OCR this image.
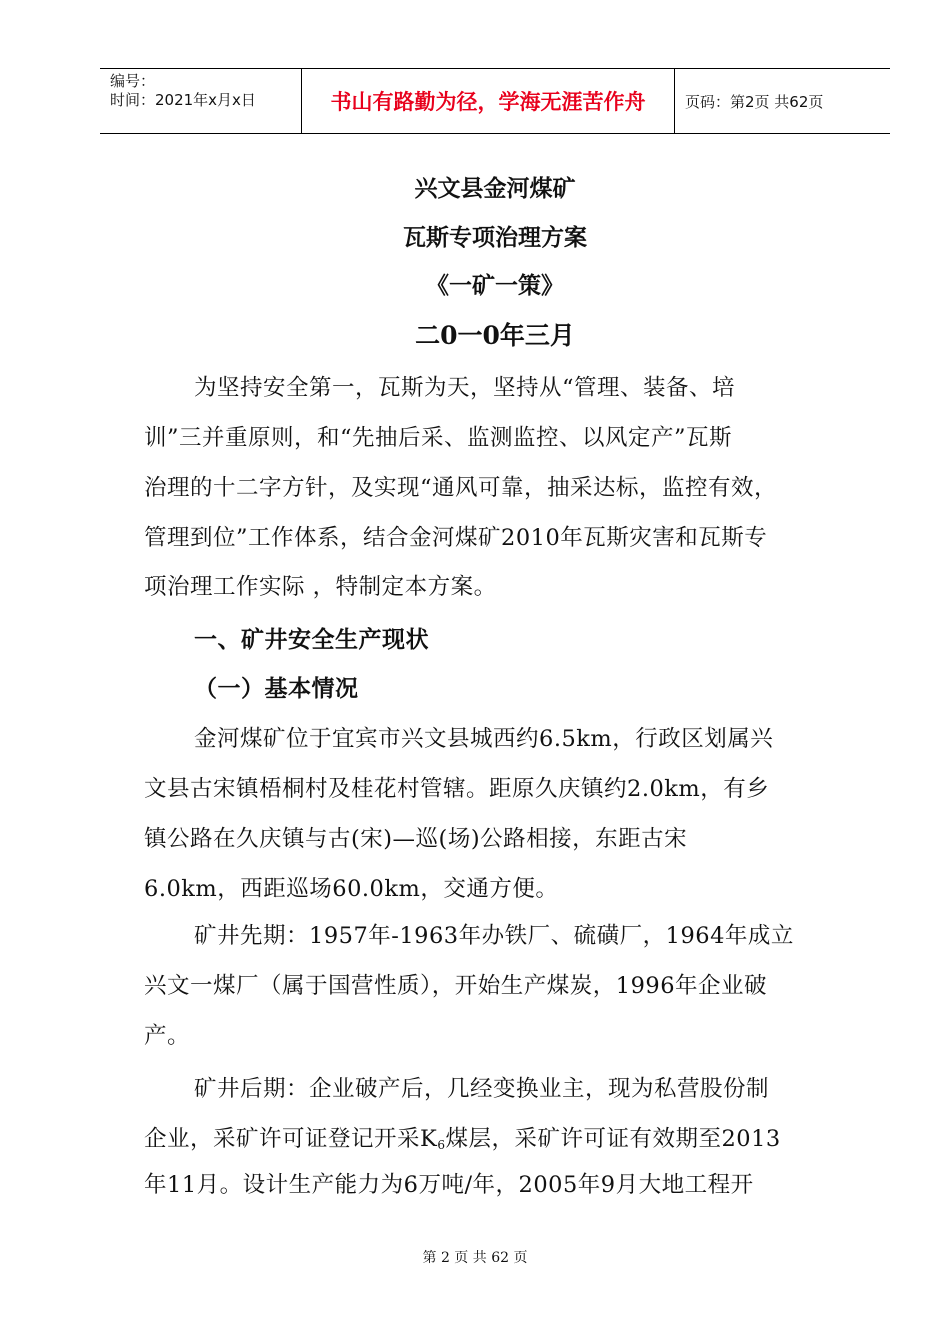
编号：
时间：2021年x月x日	书山有路勤为径，学海无涯苦作舟	页码：第2页 共62页
兴文县金河煤矿
瓦斯专项治理方案
《一矿一策》
二0一0年三月
为坚持安全第一，瓦斯为天，坚持从“管理、装备、培
训”三并重原则，和“先抽后采、监测监控、以风定产”瓦斯
治理的十二字方针，及实现“通风可靠，抽采达标，监控有效，
管理到位”工作体系，结合金河煤矿2010年瓦斯灾害和瓦斯专
项治理工作实际 ，特制定本方案。
一、矿井安全生产现状
（一）基本情况
金河煤矿位于宜宾市兴文县城西约6.5km，行政区划属兴
文县古宋镇梧桐村及桂花村管辖。距原久庆镇约2.0km，有乡
镇公路在久庆镇与古(宋)—巡(场)公路相接，东距古宋
6.0km，西距巡场60.0km，交通方便。
矿井先期：1957年-1963年办铁厂、硫磺厂，1964年成立
兴文一煤厂（属于国营性质），开始生产煤炭，1996年企业破
产。
矿井后期：企业破产后，几经变换业主，现为私营股份制
企业，采矿许可证登记开采$K_6$煤层，采矿许可证有效期至2013
年11月。设计生产能力为6万吨/年，2005年9月大地工程开
第 2 页 共 62 页
